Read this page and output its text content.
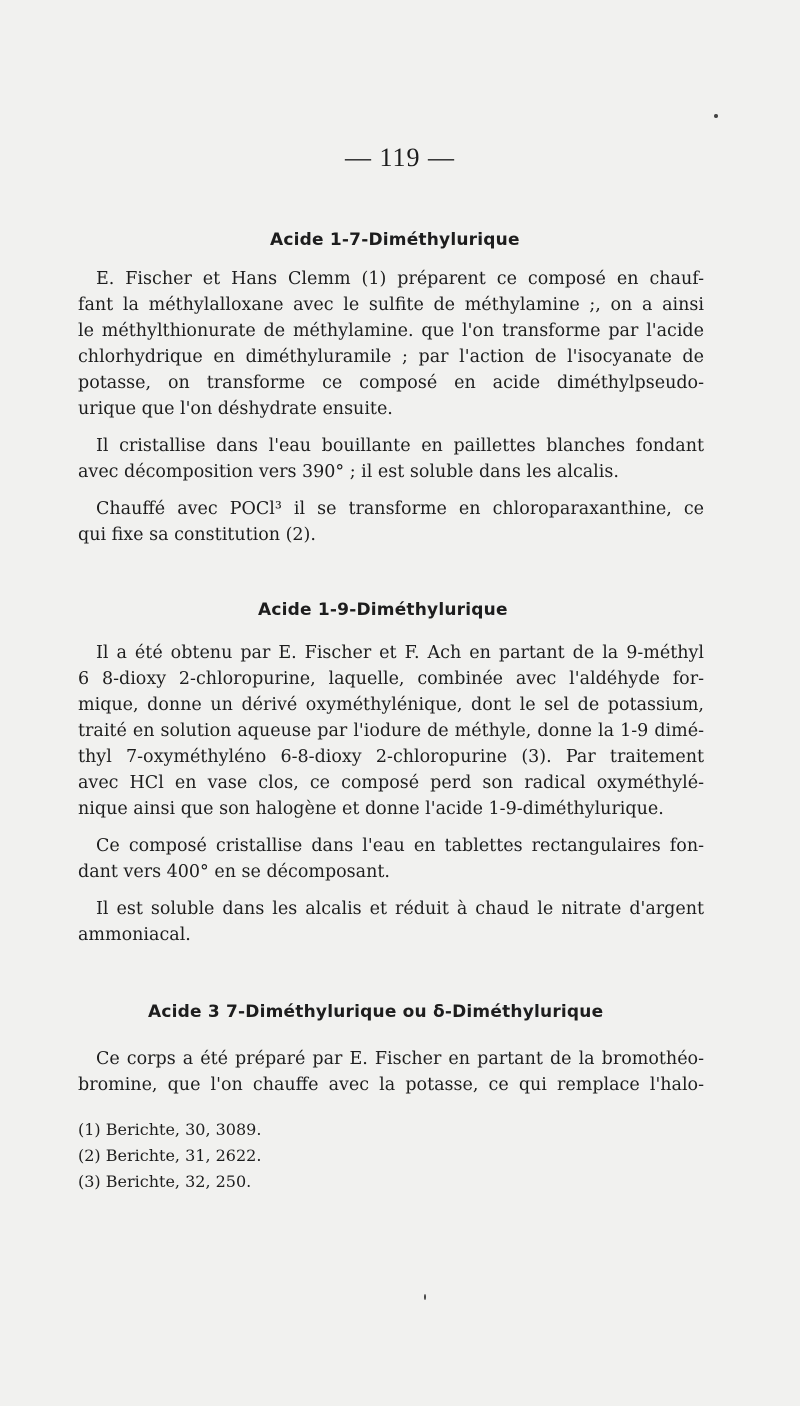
— 119 —
Acide 1-7-Diméthylurique
E. Fischer et Hans Clemm (1) préparent ce composé en chauf-
fant la méthylalloxane avec le sulfite de méthylamine ;, on a ainsi
le méthylthionurate de méthylamine. que l'on transforme par l'acide
chlorhydrique en diméthyluramile ; par l'action de l'isocyanate de
potasse, on transforme ce composé en acide diméthylpseudo-
urique que l'on déshydrate ensuite.
Il cristallise dans l'eau bouillante en paillettes blanches fondant
avec décomposition vers 390° ; il est soluble dans les alcalis.
Chauffé avec POCl³ il se transforme en chloroparaxanthine, ce
qui fixe sa constitution (2).
Acide 1-9-Diméthylurique
Il a été obtenu par E. Fischer et F. Ach en partant de la 9-méthyl
6 8-dioxy 2-chloropurine, laquelle, combinée avec l'aldéhyde for-
mique, donne un dérivé oxyméthylénique, dont le sel de potassium,
traité en solution aqueuse par l'iodure de méthyle, donne la 1-9 dimé-
thyl 7-oxyméthyléno 6-8-dioxy 2-chloropurine (3). Par traitement
avec HCl en vase clos, ce composé perd son radical oxyméthylé-
nique ainsi que son halogène et donne l'acide 1-9-diméthylurique.
Ce composé cristallise dans l'eau en tablettes rectangulaires fon-
dant vers 400° en se décomposant.
Il est soluble dans les alcalis et réduit à chaud le nitrate d'argent
ammoniacal.
Acide 3 7-Diméthylurique ou δ-Diméthylurique
Ce corps a été préparé par E. Fischer en partant de la bromothéo-
bromine, que l'on chauffe avec la potasse, ce qui remplace l'halo-
(1) Berichte, 30, 3089.
(2) Berichte, 31, 2622.
(3) Berichte, 32, 250.
